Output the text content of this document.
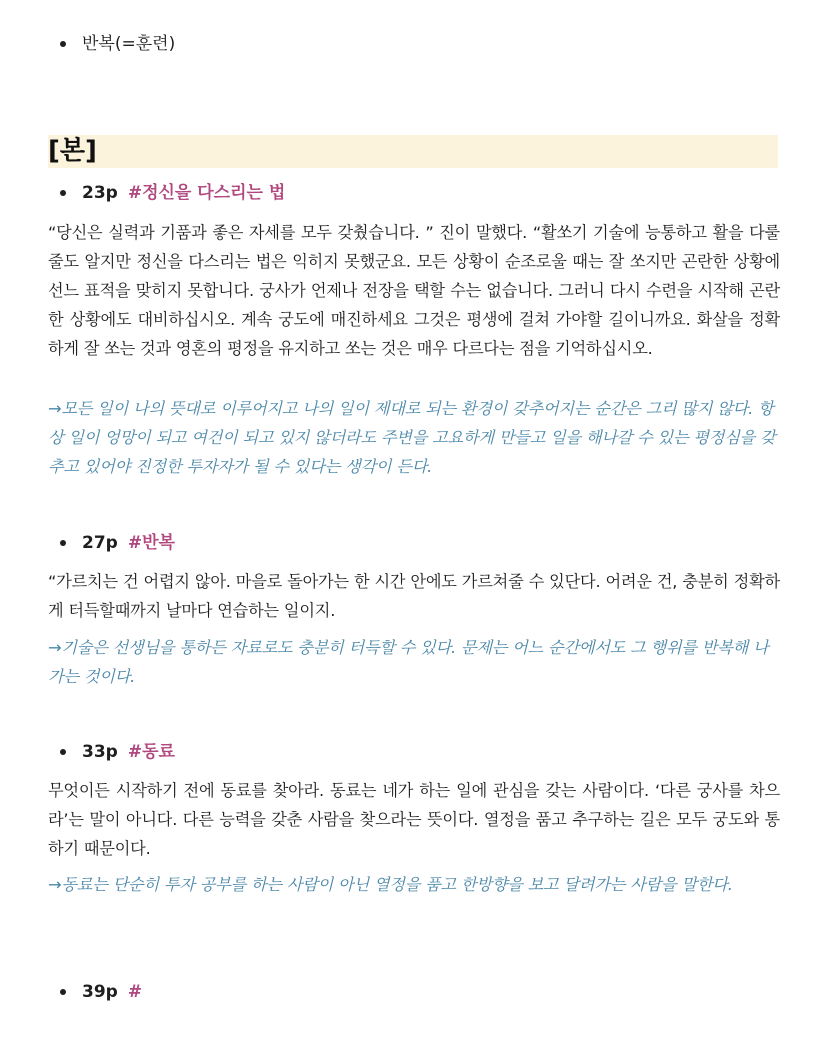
반복(=훈련)
[본]
23p #정신을 다스리는 법
“당신은 실력과 기품과 좋은 자세를 모두 갖췄습니다. ” 진이 말했다. “활쏘기 기술에 능통하고 활을 다룰 줄도 알지만 정신을 다스리는 법은 익히지 못했군요. 모든 상황이 순조로울 때는 잘 쏘지만 곤란한 상황에선느 표적을 맞히지 못합니다. 궁사가 언제나 전장을 택할 수는 없습니다. 그러니 다시 수련을 시작해 곤란한 상황에도 대비하십시오. 계속 궁도에 매진하세요 그것은 평생에 걸쳐 가야할 길이니까요. 화살을 정확하게 잘 쏘는 것과 영혼의 평정을 유지하고 쏘는 것은 매우 다르다는 점을 기억하십시오.
→모든 일이 나의 뜻대로 이루어지고 나의 일이 제대로 되는 환경이 갖추어지는 순간은 그리 많지 않다. 항상 일이 엉망이 되고 여건이 되고 있지 않더라도 주변을 고요하게 만들고 일을 해나갈 수 있는 평정심을 갖추고 있어야 진정한 투자자가 될 수 있다는 생각이 든다.
27p #반복
“가르치는 건 어렵지 않아. 마을로 돌아가는 한 시간 안에도 가르쳐줄 수 있단다. 어려운 건, 충분히 정확하게 터득할때까지 날마다 연습하는 일이지.
→기술은 선생님을 통하든 자료로도 충분히 터득할 수 있다. 문제는 어느 순간에서도 그 행위를 반복해 나가는 것이다.
33p #동료
무엇이든 시작하기 전에 동료를 찾아라. 동료는 네가 하는 일에 관심을 갖는 사람이다. ‘다른 궁사를 차으라’는 말이 아니다. 다른 능력을 갖춘 사람을 찾으라는 뜻이다. 열정을 품고 추구하는 길은 모두 궁도와 통하기 때문이다.
→동료는 단순히 투자 공부를 하는 사람이 아닌 열정을 품고 한방향을 보고 달려가는 사람을 말한다.
39p #
